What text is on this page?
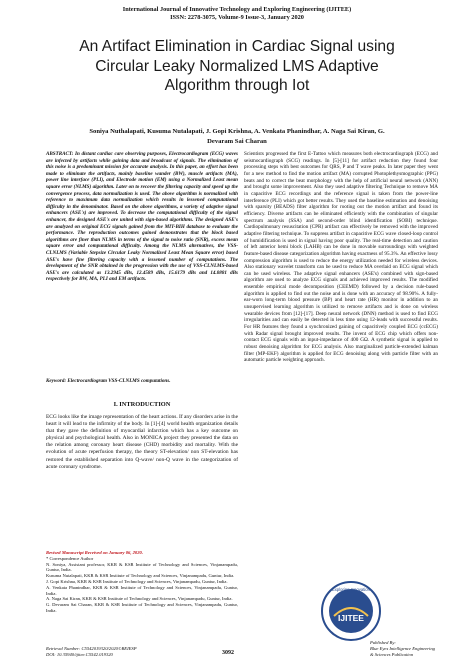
International Journal of Innovative Technology and Exploring Engineering (IJITEE)
ISSN: 2278-3075, Volume-9 Issue-3, January 2020
An Artifact Elimination in Cardiac Signal using
Circular Leaky Normalized LMS Adaptive
Algorithm through Iot
Soniya Nuthalapati, Kusuma Nutalapati, J. Gopi Krishna, A. Venkata Phanindhar, A. Naga Sai Kiran, G.
Devaram Sai Charan
ABSTRACT: In distant cardiac care observing purposes, Electrocardiogram (ECG) waves are infected by artifacts while gaining data and broadcast of signals. The elimination of this noise is a predominant mission for accurate analysis. In this paper, an effort has been made to eliminate the artifacts, mainly baseline wander (BW), muscle artifacts (MA), power line interface (PLI), and Electrode motion (EM) using a Normalized Least mean square error (NLMS) algorithm. Later on to recover the filtering capacity and speed up the convergence process, data normalization is used. The above algorithm is normalized with reference to maximum data normalization which results in lessened computational difficulty in the denominator. Based on the above algorithms, a variety of adaptive signal enhancers (ASE's) are improved. To decrease the computational difficulty of the signal enhancer, the designed ASE's are united with sign-based algorithms. The designed ASE's are analyzed on original ECG signals gained from the MIT-BIH database to evaluate the performance. The reproduction outcomes gained demonstrates that the block based algorithms are finer than NLMS in terms of the signal to noise ratio (SNR), excess mean square error and computational difficulty. Among the NLMS alternatives, the VSS-CLNLMS (Variable Stepsize Circular Leaky Normalized Least Mean Square error) based ASE's have fine filtering capacity with a lessened number of computations. The development of the SNR obtained in the progression with the use of VSS-CLNLMS-based ASE's are calculated as 13.2945 dBs, 12.4589 dBs, 15.6179 dBs and 14.0881 dBs respectively for BW, MA, PLI and EM artifacts.
Keyword: Electrocardiogram VSS-CLNLMS computations.
I. INTRODUCTION
ECG looks like the image representation of the heart actions. If any disorders arise in the heart it will lead to the infirmity of the body. In [1]-[4] world health organization details that they gave the definition of myocardial infarction which has a key outcome on physical and psychological health. Also in MONICA project they presented the data on the relation among coronary heart disease (CHD) morbidity and mortality. With the evolution of acute reperfusion therapy, the theory ST-elevation/ non ST-elevation has restored the established separation into Q-wave/ non-Q wave in the categorization of acute coronary syndrome.
Revised Manuscript Received on January 06, 2020.

* Correspondence Author

N. Soniya, Assistant professor, KKR & KSR Institute of Technology and Sciences, Vinjanampadu, Guntur, India.

Kusuma Nutalapati, KKR & KSR Institute of Technology and Sciences, Vinjanampadu, Guntur, India.

J. Gopi Krishna, KKR & KSR Institute of Technology and Sciences, Vinjanampadu, Guntur, India.

A. Venkata Phanindhar, KKR & KSR Institute of Technology and Sciences, Vinjanampadu, Guntur, India.

A. Naga Sai Kiran, KKR & KSR Institute of Technology and Sciences, Vinjanampadu, Guntur, India.

G. Devaram Sai Charan, KKR & KSR Institute of Technology and Sciences, Vinjanampadu, Guntur, India.

Scientists progressed the first E-Tattoo which measures both electrocardiograph (ECG) and seismocardiograph (SCG) readings. In [5]-[11] for artifact reduction they found four processing steps with best outcomes for QRS, P and T wave peaks. In later paper they went for a new method to find the motion artifact (MA) corrupted Photoplethysmographic (PPG) beats and to correct the beat morphology with the help of artificial neural network (ANN) and brought some improvement. Also they used adaptive filtering Technique to remove MA in capacitive ECG recordings and the reference signal is taken from the power-line interference (PLI) which got better results. They used the baseline estimation and denoising with sparsity (BEADS) filter algorithm for rooting out the motion artifact and found its efficiency. Diverse artifacts can be eliminated efficiently with the combination of singular spectrum analysis (SSA) and second-order blind identification (SOBI) technique. Cardiopulmonary resuscitation (CPR) artifact can effectively be removed with the improved adaptive filtering technique. To suppress artifact in capacitive ECG wave closed-loop control of humidification is used in signal having poor quality. The real-time detection and caution of left anterior hemi block (LAHB) can be done in movable surroundings with weighted feature-based disease categorization algorithm having exactness of 95.3%. An effective lossy compression algorithm is used to reduce the energy utilization needed for wireless devices. Also stationary wavelet transform can be used to reduce MA overlaid on ECG signal which can be used wireless. The adaptive signal enhancers (ASE's) combined with sign-based algorithm are used to analyze ECG signals and achieved improved results. The modified ensemble empirical mode decomposition (CEEMD) followed by a decision rule-based algorithm is applied to find out the noise and is done with an accuracy of 98.90%. A fully-ear-worn long-term blood pressure (BP) and heart rate (HR) monitor in addition to an unsupervised learning algorithm is utilized to remove artifacts and is done on wireless wearable devices from [12]-[17]. Deep neural network (DNN) method is used to find ECG irregularities and can easily be detected in less time using 12-leads with successful results. For HR features they found a synchronized gaining of capacitively coupled ECG (ccECG) with Radar signal brought improved results. The invent of ECG chip which offers non-contact ECG signals with an input-impedance of 400 GΩ. A synthetic signal is applied to robust denoising algorithm for ECG analysis. Also marginalized particle-extended kalman filter (MP-EKF) algorithm is applied for ECG denoising along with particle filter with an automatic particle weighting approach.
Retrieval Number: C5542019320/2020©BEIESP
DOI: 10.35940/ijitee.C5542.019320	3092
IJITEE
Exploring Innovation
Published By:
Blue Eyes Intelligence Engineering
& Sciences Publication
